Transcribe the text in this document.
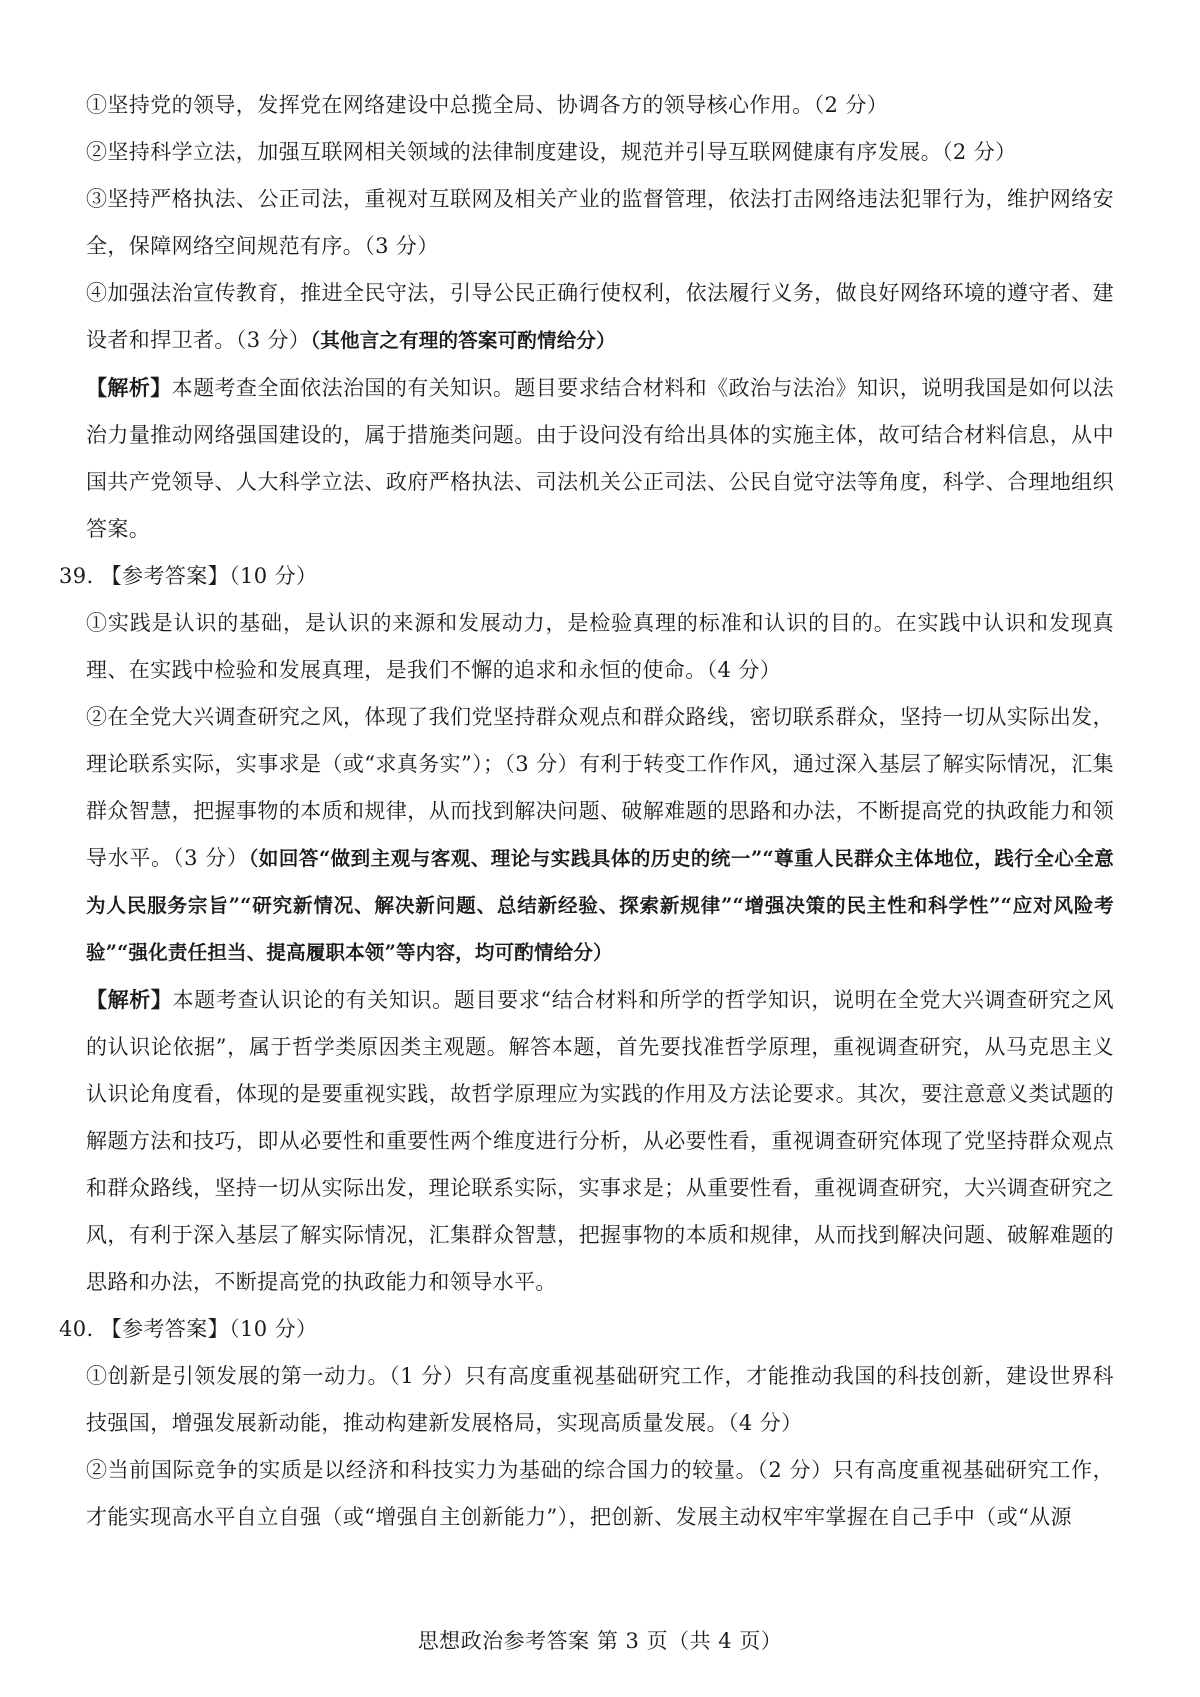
①坚持党的领导，发挥党在网络建设中总揽全局、协调各方的领导核心作用。（2 分）

②坚持科学立法，加强互联网相关领域的法律制度建设，规范并引导互联网健康有序发展。（2 分）

③坚持严格执法、公正司法，重视对互联网及相关产业的监督管理，依法打击网络违法犯罪行为，维护网络安全，保障网络空间规范有序。（3 分）

④加强法治宣传教育，推进全民守法，引导公民正确行使权利，依法履行义务，做良好网络环境的遵守者、建设者和捍卫者。（3 分）（其他言之有理的答案可酌情给分）

【解析】本题考查全面依法治国的有关知识。题目要求结合材料和《政治与法治》知识，说明我国是如何以法治力量推动网络强国建设的，属于措施类问题。由于设问没有给出具体的实施主体，故可结合材料信息，从中国共产党领导、人大科学立法、政府严格执法、司法机关公正司法、公民自觉守法等角度，科学、合理地组织答案。

39. 【参考答案】（10 分）

①实践是认识的基础，是认识的来源和发展动力，是检验真理的标准和认识的目的。在实践中认识和发现真理、在实践中检验和发展真理，是我们不懈的追求和永恒的使命。（4 分）

②在全党大兴调查研究之风，体现了我们党坚持群众观点和群众路线，密切联系群众，坚持一切从实际出发，理论联系实际，实事求是（或“求真务实”）；（3 分）有利于转变工作作风，通过深入基层了解实际情况，汇集群众智慧，把握事物的本质和规律，从而找到解决问题、破解难题的思路和办法，不断提高党的执政能力和领导水平。（3 分）（如回答“做到主观与客观、理论与实践具体的历史的统一”“尊重人民群众主体地位，践行全心全意为人民服务宗旨”“研究新情况、解决新问题、总结新经验、探索新规律”“增强决策的民主性和科学性”“应对风险考验”“强化责任担当、提高履职本领”等内容，均可酌情给分）

【解析】本题考查认识论的有关知识。题目要求“结合材料和所学的哲学知识，说明在全党大兴调查研究之风的认识论依据”，属于哲学类原因类主观题。解答本题，首先要找准哲学原理，重视调查研究，从马克思主义认识论角度看，体现的是要重视实践，故哲学原理应为实践的作用及方法论要求。其次，要注意意义类试题的解题方法和技巧，即从必要性和重要性两个维度进行分析，从必要性看，重视调查研究体现了党坚持群众观点和群众路线，坚持一切从实际出发，理论联系实际，实事求是；从重要性看，重视调查研究，大兴调查研究之风，有利于深入基层了解实际情况，汇集群众智慧，把握事物的本质和规律，从而找到解决问题、破解难题的思路和办法，不断提高党的执政能力和领导水平。

40. 【参考答案】（10 分）

①创新是引领发展的第一动力。（1 分）只有高度重视基础研究工作，才能推动我国的科技创新，建设世界科技强国，增强发展新动能，推动构建新发展格局，实现高质量发展。（4 分）

②当前国际竞争的实质是以经济和科技实力为基础的综合国力的较量。（2 分）只有高度重视基础研究工作，才能实现高水平自立自强（或“增强自主创新能力”），把创新、发展主动权牢牢掌握在自己手中（或“从源

思想政治参考答案 第 3 页（共 4 页）
